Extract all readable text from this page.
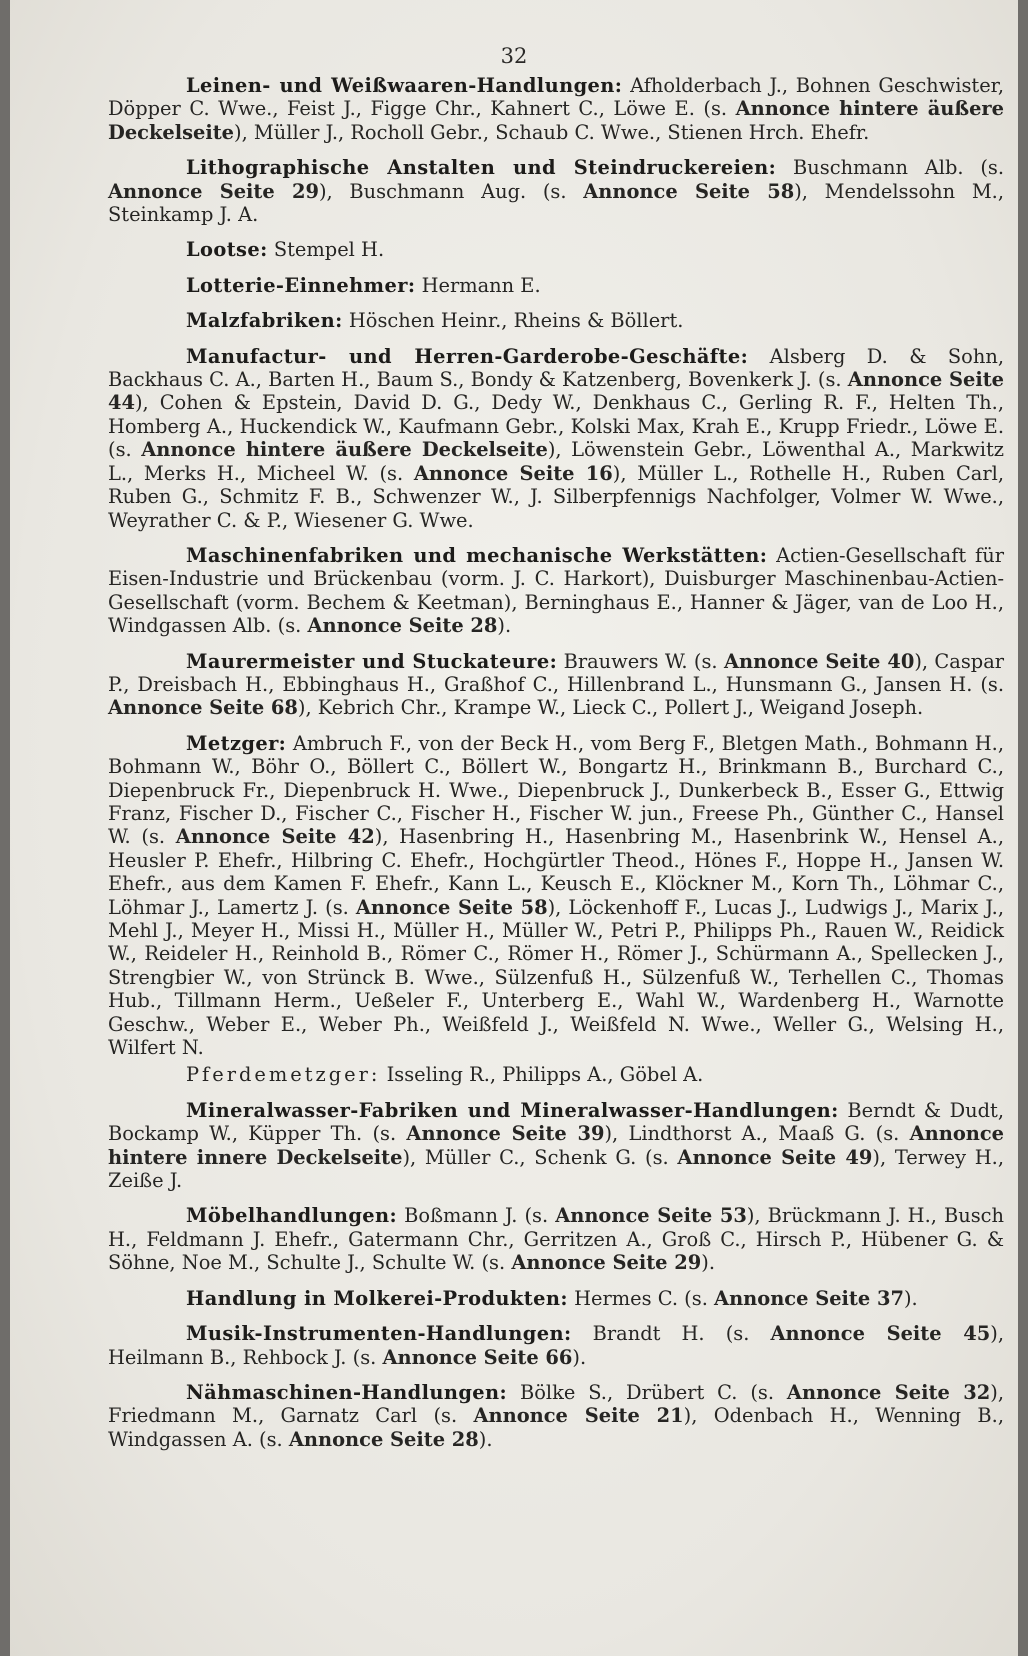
32

Leinen- und Weißwaaren-Handlungen: Afholderbach J., Bohnen Geschwister, Döpper C. Wwe., Feist J., Figge Chr., Kahnert C., Löwe E. (s. Annonce hintere äußere Deckelseite), Müller J., Rocholl Gebr., Schaub C. Wwe., Stienen Hrch. Ehefr.

Lithographische Anstalten und Steindruckereien: Buschmann Alb. (s. Annonce Seite 29), Buschmann Aug. (s. Annonce Seite 58), Mendelssohn M., Steinkamp J. A.

Lootse: Stempel H.

Lotterie-Einnehmer: Hermann E.

Malzfabriken: Höschen Heinr., Rheins & Böllert.

Manufactur- und Herren-Garderobe-Geschäfte: Alsberg D. & Sohn, Backhaus C. A., Barten H., Baum S., Bondy & Katzenberg, Bovenkerk J. (s. Annonce Seite 44), Cohen & Epstein, David D. G., Dedy W., Denkhaus C., Gerling R. F., Helten Th., Homberg A., Huckendick W., Kaufmann Gebr., Kolski Max, Krah E., Krupp Friedr., Löwe E. (s. Annonce hintere äußere Deckelseite), Löwenstein Gebr., Löwenthal A., Markwitz L., Merks H., Micheel W. (s. Annonce Seite 16), Müller L., Rothelle H., Ruben Carl, Ruben G., Schmitz F. B., Schwenzer W., J. Silberpfennigs Nachfolger, Volmer W. Wwe., Weyrather C. & P., Wiesener G. Wwe.

Maschinenfabriken und mechanische Werkstätten: Actien-Gesellschaft für Eisen-Industrie und Brückenbau (vorm. J. C. Harkort), Duisburger Maschinenbau-Actien-Gesellschaft (vorm. Bechem & Keetman), Berninghaus E., Hanner & Jäger, van de Loo H., Windgassen Alb. (s. Annonce Seite 28).

Maurermeister und Stuckateure: Brauwers W. (s. Annonce Seite 40), Caspar P., Dreisbach H., Ebbinghaus H., Graßhof C., Hillenbrand L., Hunsmann G., Jansen H. (s. Annonce Seite 68), Kebrich Chr., Krampe W., Lieck C., Pollert J., Weigand Joseph.

Metzger: Ambruch F., von der Beck H., vom Berg F., Bletgen Math., Bohmann H., Bohmann W., Böhr O., Böllert C., Böllert W., Bongartz H., Brinkmann B., Burchard C., Diepenbruck Fr., Diepenbruck H. Wwe., Diepenbruck J., Dunkerbeck B., Esser G., Ettwig Franz, Fischer D., Fischer C., Fischer H., Fischer W. jun., Freese Ph., Günther C., Hansel W. (s. Annonce Seite 42), Hasenbring H., Hasenbring M., Hasenbrink W., Hensel A., Heusler P. Ehefr., Hilbring C. Ehefr., Hochgürtler Theod., Hönes F., Hoppe H., Jansen W. Ehefr., aus dem Kamen F. Ehefr., Kann L., Keusch E., Klöckner M., Korn Th., Löhmar C., Löhmar J., Lamertz J. (s. Annonce Seite 58), Löckenhoff F., Lucas J., Ludwigs J., Marix J., Mehl J., Meyer H., Missi H., Müller H., Müller W., Petri P., Philipps Ph., Rauen W., Reidick W., Reideler H., Reinhold B., Römer C., Römer H., Römer J., Schürmann A., Spellecken J., Strengbier W., von Strünck B. Wwe., Sülzenfuß H., Sülzenfuß W., Terhellen C., Thomas Hub., Tillmann Herm., Ueßeler F., Unterberg E., Wahl W., Wardenberg H., Warnotte Geschw., Weber E., Weber Ph., Weißfeld J., Weißfeld N. Wwe., Weller G., Welsing H., Wilfert N.

Pferdemetzger: Isseling R., Philipps A., Göbel A.

Mineralwasser-Fabriken und Mineralwasser-Handlungen: Berndt & Dudt, Bockamp W., Küpper Th. (s. Annonce Seite 39), Lindthorst A., Maaß G. (s. Annonce hintere innere Deckelseite), Müller C., Schenk G. (s. Annonce Seite 49), Terwey H., Zeiße J.

Möbelhandlungen: Boßmann J. (s. Annonce Seite 53), Brückmann J. H., Busch H., Feldmann J. Ehefr., Gatermann Chr., Gerritzen A., Groß C., Hirsch P., Hübener G. & Söhne, Noe M., Schulte J., Schulte W. (s. Annonce Seite 29).

Handlung in Molkerei-Produkten: Hermes C. (s. Annonce Seite 37).

Musik-Instrumenten-Handlungen: Brandt H. (s. Annonce Seite 45), Heilmann B., Rehbock J. (s. Annonce Seite 66).

Nähmaschinen-Handlungen: Bölke S., Drübert C. (s. Annonce Seite 32), Friedmann M., Garnatz Carl (s. Annonce Seite 21), Odenbach H., Wenning B., Windgassen A. (s. Annonce Seite 28).
